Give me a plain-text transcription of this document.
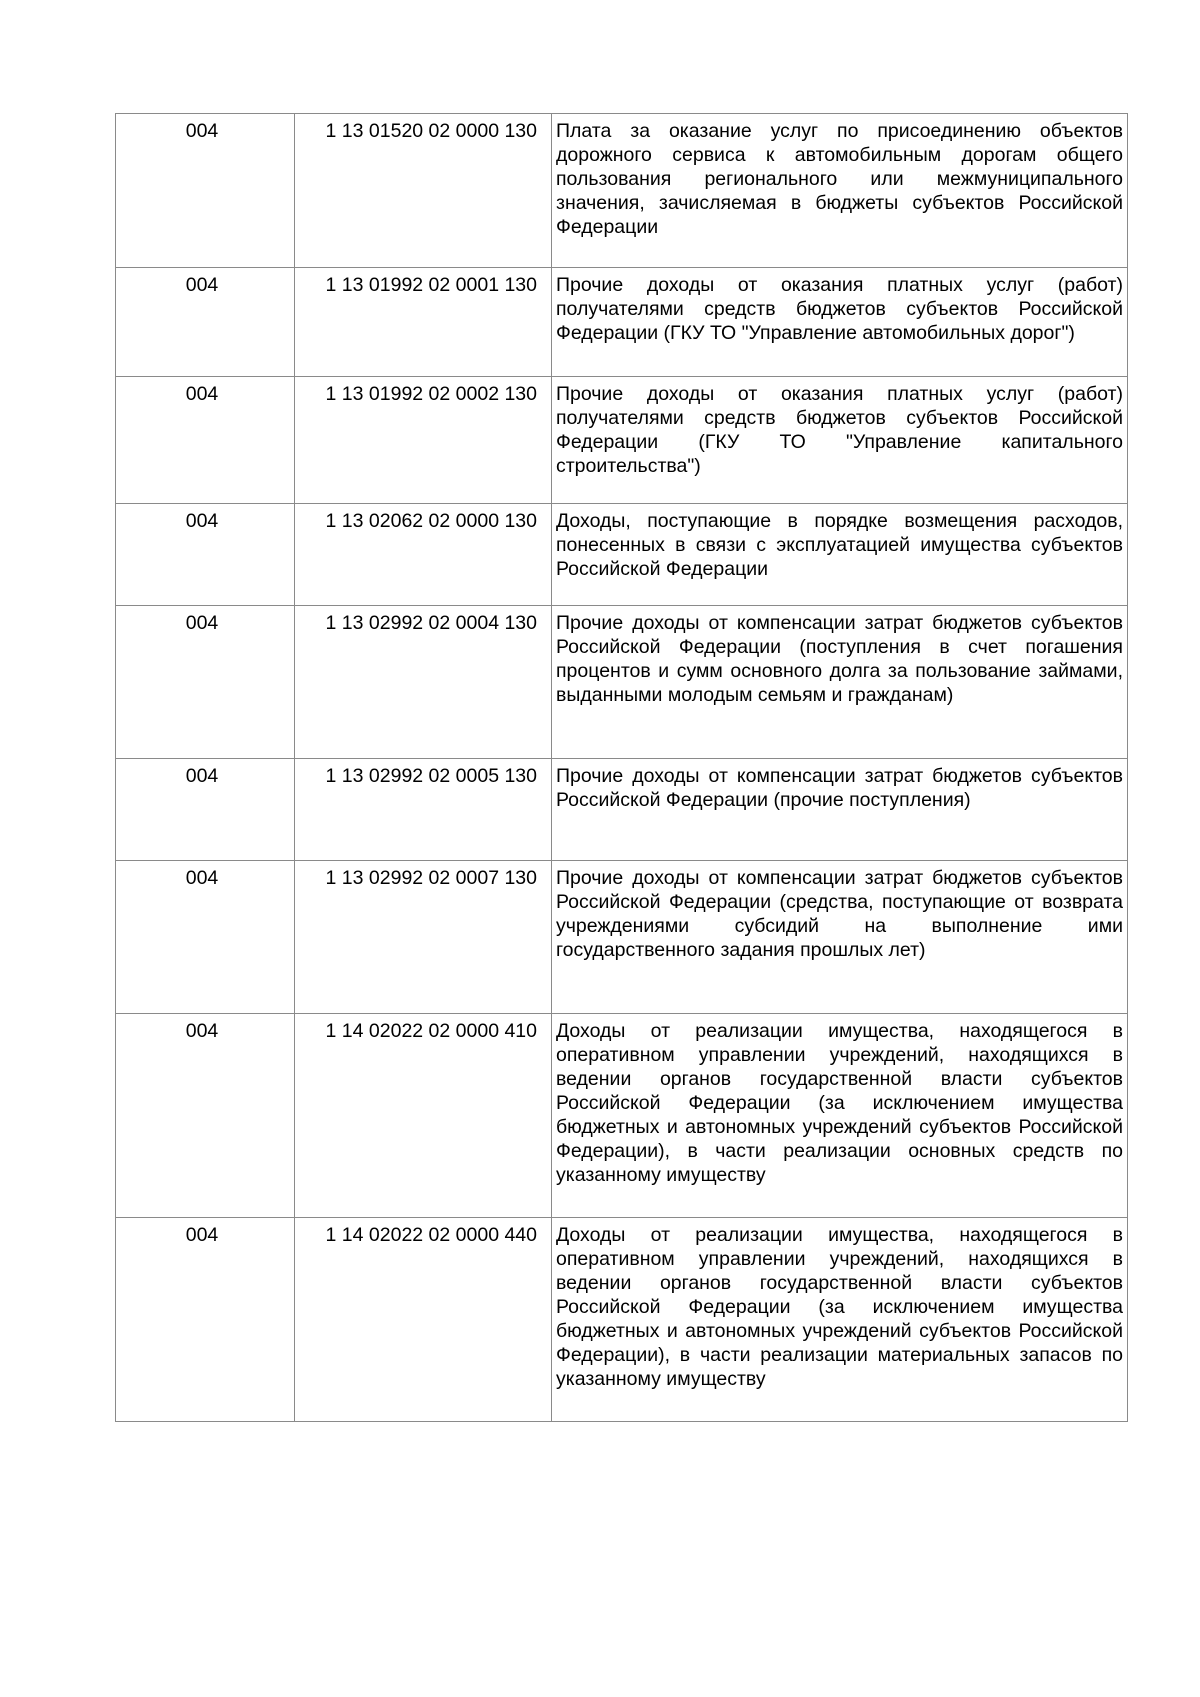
004	1 13 01520 02 0000 130	Плата за оказание услуг по присоединению объектов дорожного сервиса к автомобильным дорогам общего пользования регионального или межмуниципального значения, зачисляемая в бюджеты субъектов Российской Федерации
004	1 13 01992 02 0001 130	Прочие доходы от оказания платных услуг (работ) получателями средств бюджетов субъектов Российской Федерации (ГКУ ТО "Управление автомобильных дорог")
004	1 13 01992 02 0002 130	Прочие доходы от оказания платных услуг (работ) получателями средств бюджетов субъектов Российской Федерации (ГКУ ТО "Управление капитального строительства")
004	1 13 02062 02 0000 130	Доходы, поступающие в порядке возмещения расходов, понесенных в связи с эксплуатацией имущества субъектов Российской Федерации
004	1 13 02992 02 0004 130	Прочие доходы от компенсации затрат бюджетов субъектов Российской Федерации (поступления в счет погашения процентов и сумм основного долга за пользование займами, выданными молодым семьям и гражданам)
004	1 13 02992 02 0005 130	Прочие доходы от компенсации затрат бюджетов субъектов Российской Федерации (прочие поступления)
004	1 13 02992 02 0007 130	Прочие доходы от компенсации затрат бюджетов субъектов Российской Федерации (средства, поступающие от возврата учреждениями субсидий на выполнение ими государственного задания прошлых лет)
004	1 14 02022 02 0000 410	Доходы от реализации имущества, находящегося в оперативном управлении учреждений, находящихся в ведении органов государственной власти субъектов Российской Федерации (за исключением имущества бюджетных и автономных учреждений субъектов Российской Федерации), в части реализации основных средств по указанному имуществу
004	1 14 02022 02 0000 440	Доходы от реализации имущества, находящегося в оперативном управлении учреждений, находящихся в ведении органов государственной власти субъектов Российской Федерации (за исключением имущества бюджетных и автономных учреждений субъектов Российской Федерации), в части реализации материальных запасов по указанному имуществу
